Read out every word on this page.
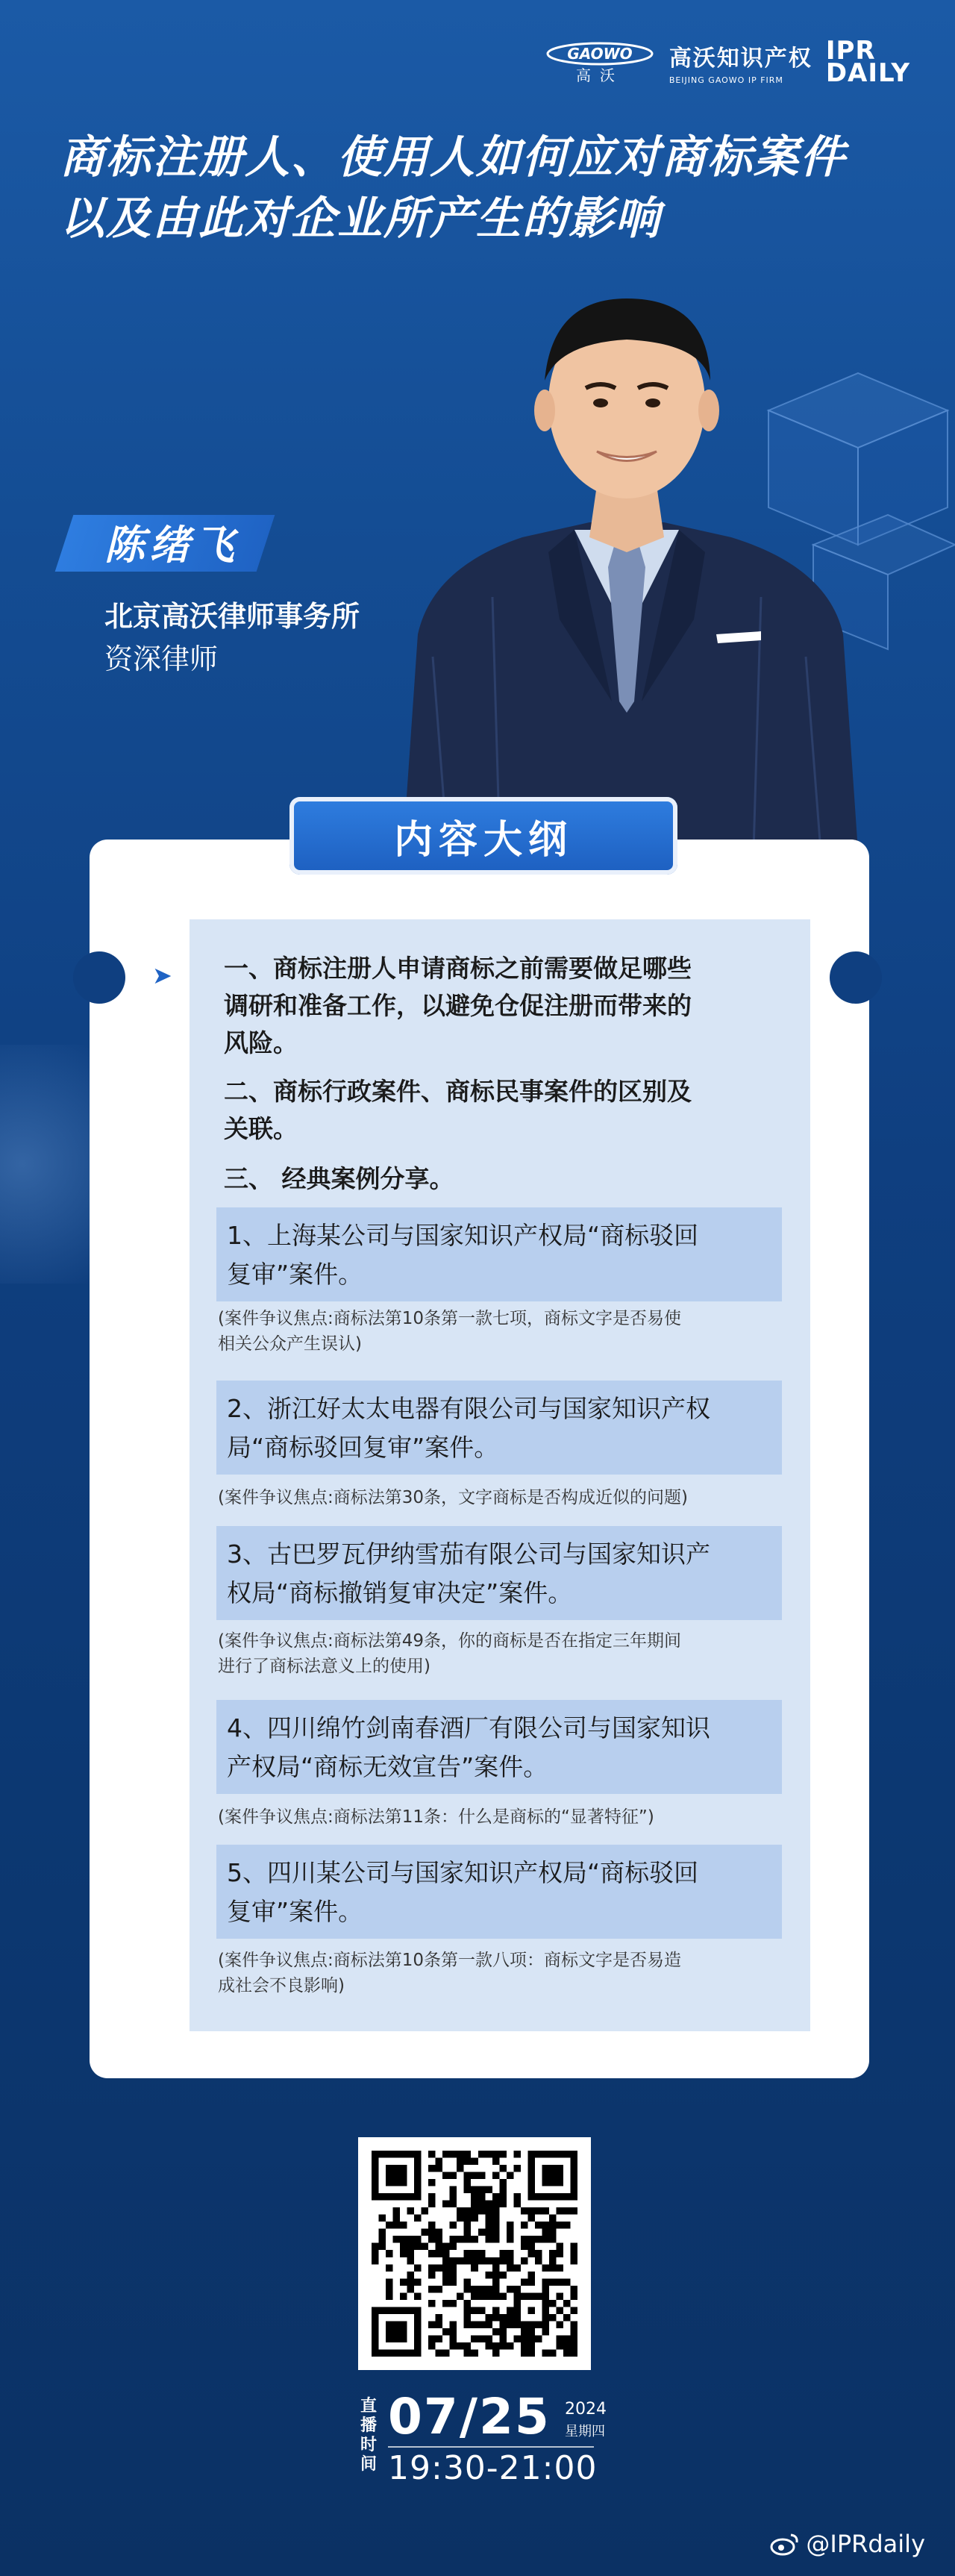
GAOWO
高沃
高沃知识产权
BEIJING GAOWO IP FIRM
IPR
DAILY
商标注册人、使用人如何应对商标案件
以及由此对企业所产生的影响
陈绪飞
北京高沃律师事务所
资深律师
内容大纲
➤ 一、商标注册人申请商标之前需要做足哪些
调研和准备工作，以避免仓促注册而带来的
风险。
二、商标行政案件、商标民事案件的区别及
关联。
三、 经典案例分享。
1、上海某公司与国家知识产权局“商标驳回
复审”案件。
(案件争议焦点:商标法第10条第一款七项，商标文字是否易使
相关公众产生误认)
2、浙江好太太电器有限公司与国家知识产权
局“商标驳回复审”案件。
(案件争议焦点:商标法第30条，文字商标是否构成近似的问题)
3、古巴罗瓦伊纳雪茄有限公司与国家知识产
权局“商标撤销复审决定”案件。
(案件争议焦点:商标法第49条，你的商标是否在指定三年期间
进行了商标法意义上的使用)
4、四川绵竹剑南春酒厂有限公司与国家知识
产权局“商标无效宣告”案件。
(案件争议焦点:商标法第11条：什么是商标的“显著特征”)
5、四川某公司与国家知识产权局“商标驳回
复审”案件。
(案件争议焦点:商标法第10条第一款八项：商标文字是否易造
成社会不良影响)
直
播
时
间
07/25 2024
星期四
19:30-21:00
@IPRdaily
